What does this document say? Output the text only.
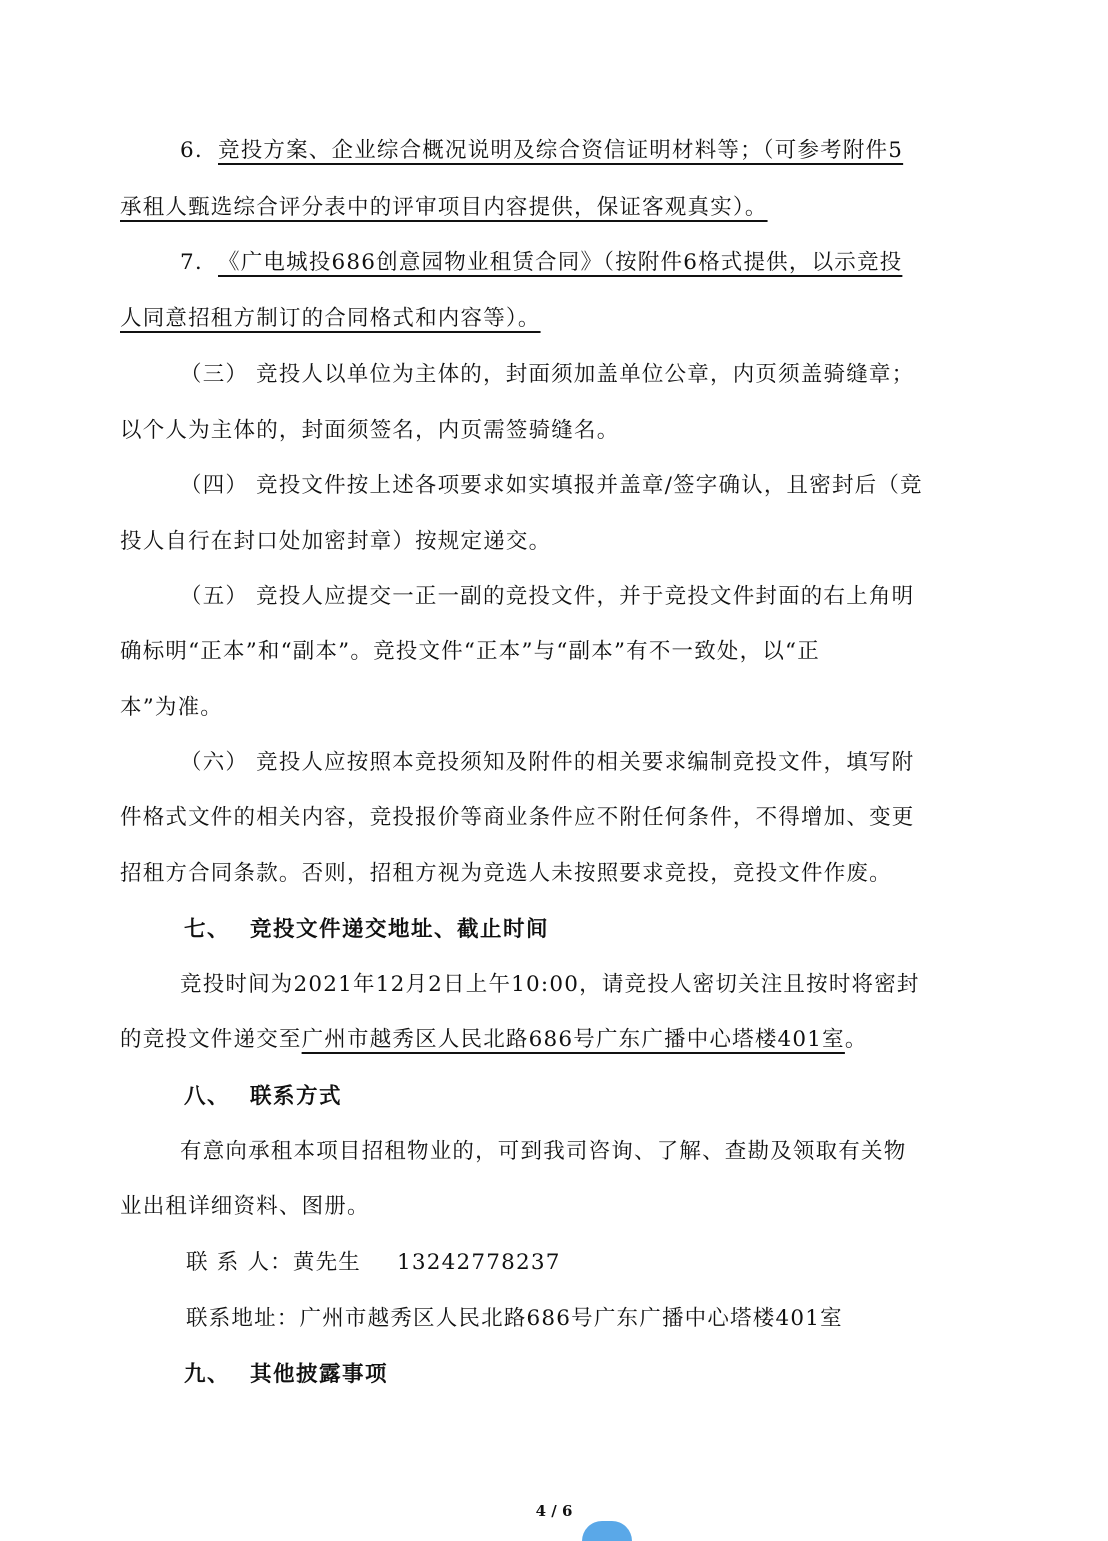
6. 竞投方案、企业综合概况说明及综合资信证明材料等；（可参考附件5
承租人甄选综合评分表中的评审项目内容提供，保证客观真实）。
7. 《广电城投686创意园物业租赁合同》（按附件6格式提供，以示竞投
人同意招租方制订的合同格式和内容等）。
（三） 竞投人以单位为主体的，封面须加盖单位公章，内页须盖骑缝章；
以个人为主体的，封面须签名，内页需签骑缝名。
（四） 竞投文件按上述各项要求如实填报并盖章/签字确认，且密封后（竞
投人自行在封口处加密封章）按规定递交。
（五） 竞投人应提交一正一副的竞投文件，并于竞投文件封面的右上角明
确标明“正本”和“副本”。竞投文件“正本”与“副本”有不一致处，以“正
本”为准。
（六） 竞投人应按照本竞投须知及附件的相关要求编制竞投文件，填写附
件格式文件的相关内容，竞投报价等商业条件应不附任何条件，不得增加、变更
招租方合同条款。否则，招租方视为竞选人未按照要求竞投，竞投文件作废。
七、 竞投文件递交地址、截止时间
竞投时间为2021年12月2日上午10:00，请竞投人密切关注且按时将密封
的竞投文件递交至广州市越秀区人民北路686号广东广播中心塔楼401室。
八、 联系方式
有意向承租本项目招租物业的，可到我司咨询、了解、查勘及领取有关物
业出租详细资料、图册。
联 系 人：黄先生 13242778237
联系地址：广州市越秀区人民北路686号广东广播中心塔楼401室
九、 其他披露事项
4 / 6
